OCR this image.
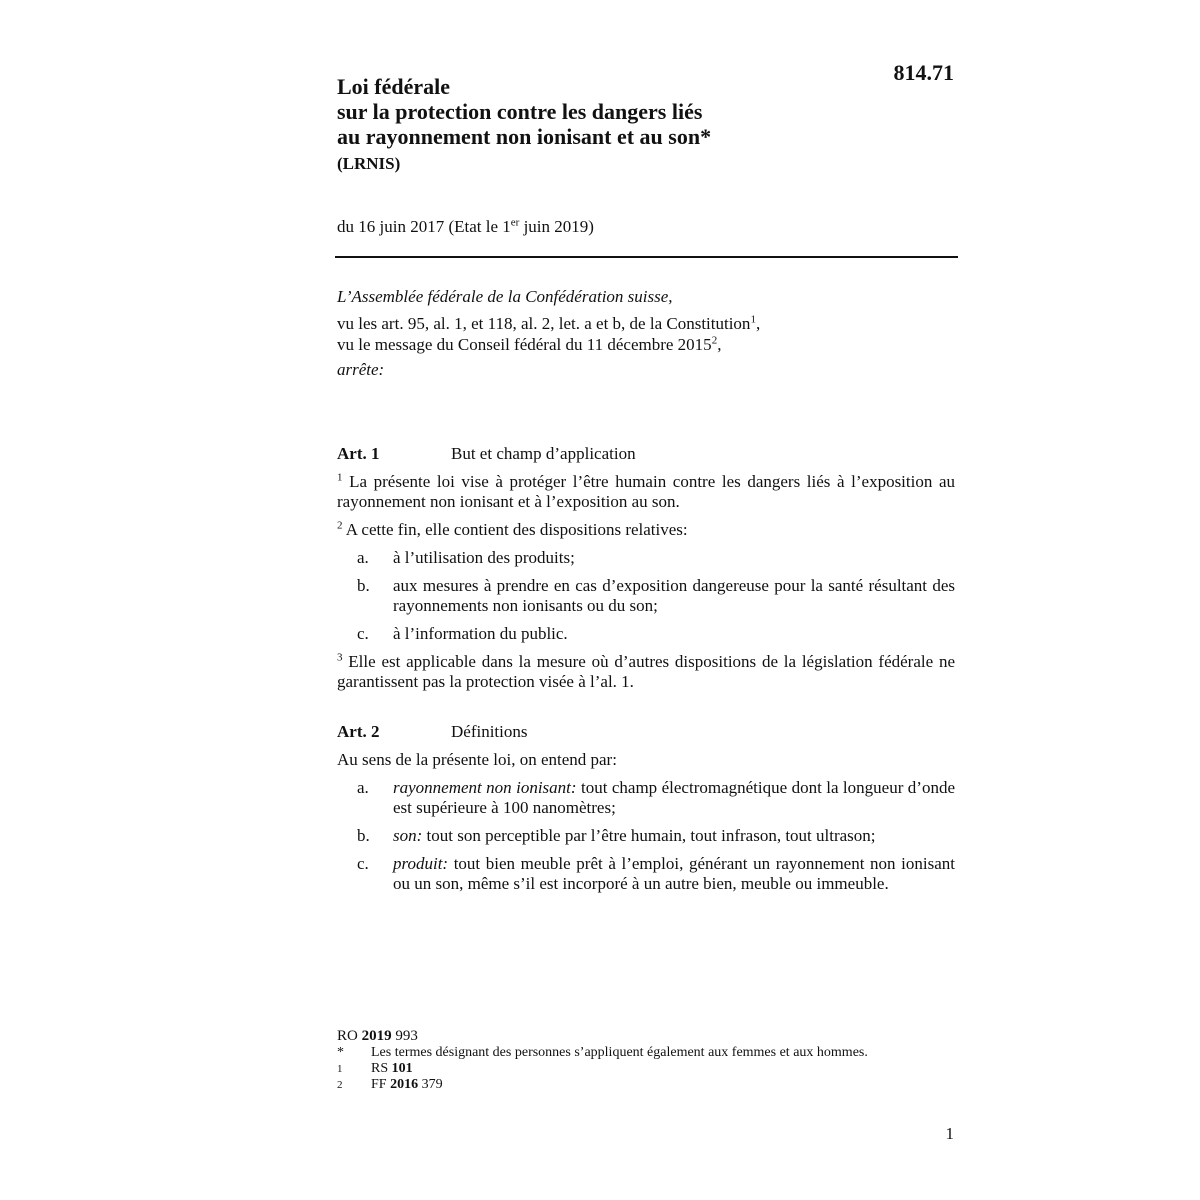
814.71
Loi fédérale
sur la protection contre les dangers liés
au rayonnement non ionisant et au son*
(LRNIS)
du 16 juin 2017 (Etat le 1er juin 2019)
L’Assemblée fédérale de la Confédération suisse,
vu les art. 95, al. 1, et 118, al. 2, let. a et b, de la Constitution$^1$,
vu le message du Conseil fédéral du 11 décembre 2015$^2$,
arrête:
Art. 1	But et champ d’application
$^1$ La présente loi vise à protéger l’être humain contre les dangers liés à l’exposition au rayonnement non ionisant et à l’exposition au son.
$^2$ A cette fin, elle contient des dispositions relatives:
a.	à l’utilisation des produits;
b.	aux mesures à prendre en cas d’exposition dangereuse pour la santé résultant des rayonnements non ionisants ou du son;
c.	à l’information du public.
$^3$ Elle est applicable dans la mesure où d’autres dispositions de la législation fédérale ne garantissent pas la protection visée à l’al. 1.
Art. 2	Définitions
Au sens de la présente loi, on entend par:
a.	rayonnement non ionisant: tout champ électromagnétique dont la longueur d’onde est supérieure à 100 nanomètres;
b.	son: tout son perceptible par l’être humain, tout infrason, tout ultrason;
c.	produit: tout bien meuble prêt à l’emploi, générant un rayonnement non ionisant ou un son, même s’il est incorporé à un autre bien, meuble ou immeuble.
RO 2019 993
*	Les termes désignant des personnes s’appliquent également aux femmes et aux hommes.
1	RS 101
2	FF 2016 379
1
